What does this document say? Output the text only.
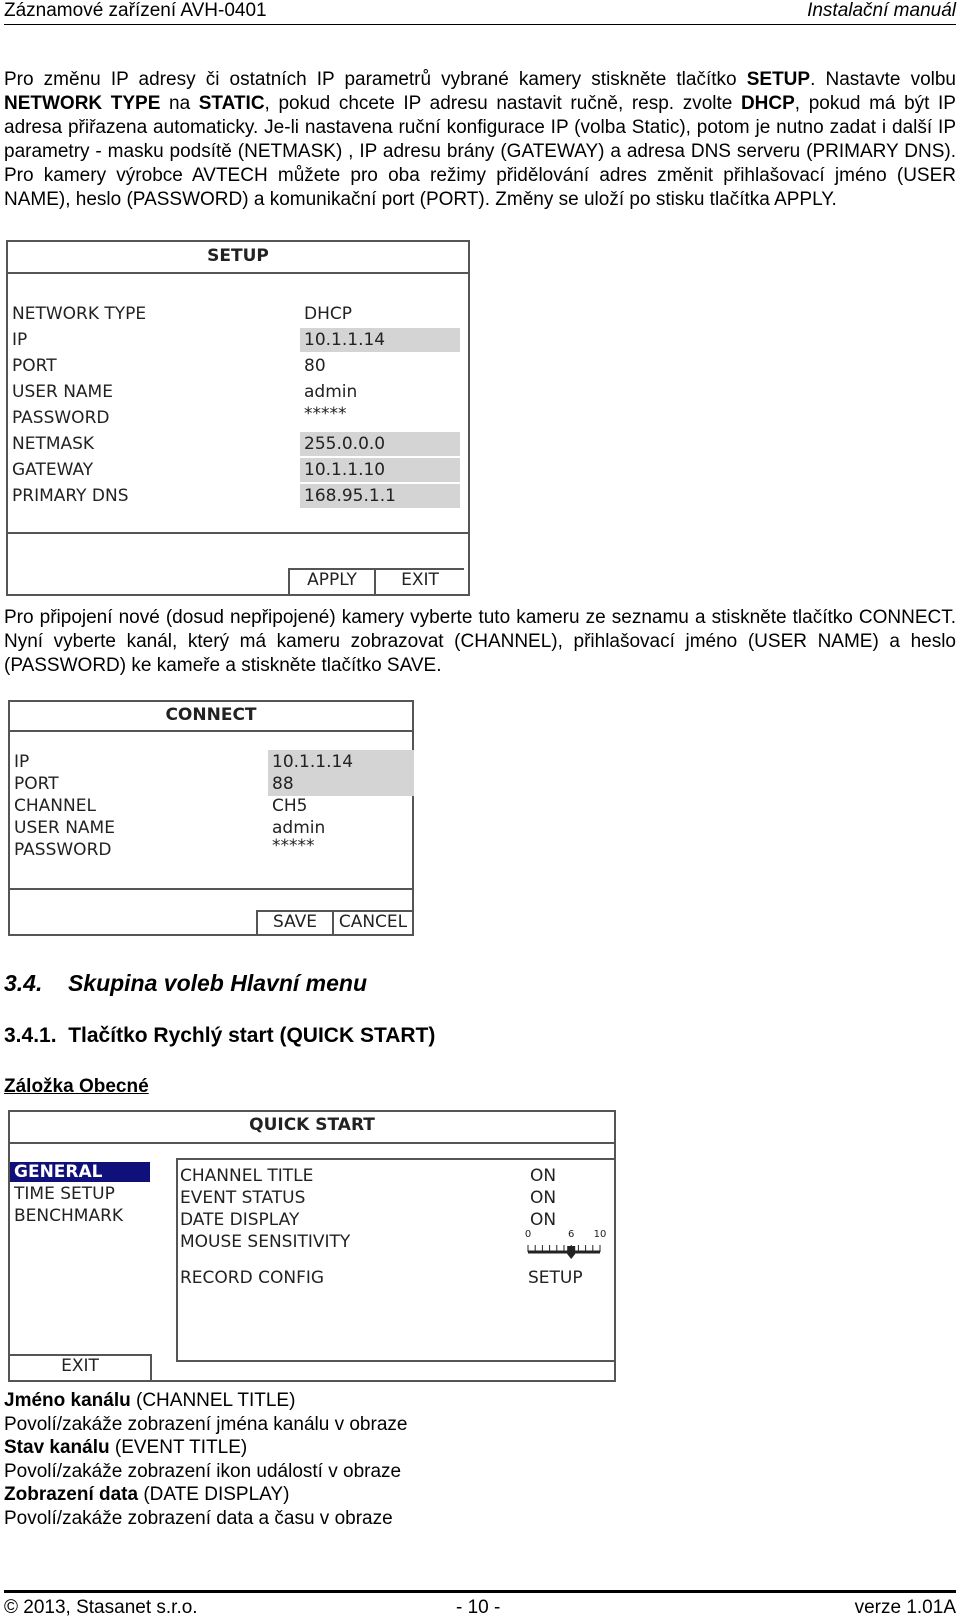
Záznamové zařízení AVH-0401	Instalační manuál
Pro změnu IP adresy či ostatních IP parametrů vybrané kamery stiskněte tlačítko SETUP. Nastavte volbu NETWORK TYPE na STATIC, pokud chcete IP adresu nastavit ručně, resp. zvolte DHCP, pokud má být IP adresa přiřazena automaticky. Je-li nastavena ruční konfigurace IP (volba Static), potom je nutno zadat i další IP parametry - masku podsítě (NETMASK) , IP adresu brány (GATEWAY) a adresa DNS serveru (PRIMARY DNS). Pro kamery výrobce AVTECH můžete pro oba režimy přidělování adres změnit přihlašovací jméno (USER NAME), heslo (PASSWORD) a komunikační port (PORT). Změny se uloží po stisku tlačítka APPLY.
SETUP
NETWORK TYPE	DHCP
IP	10.1.1.14
PORT	80
USER NAME	admin
PASSWORD	*****
NETMASK	255.0.0.0
GATEWAY	10.1.1.10
PRIMARY DNS	168.95.1.1
APPLY	EXIT
Pro připojení nové (dosud nepřipojené) kamery vyberte tuto kameru ze seznamu a stiskněte tlačítko CONNECT. Nyní vyberte kanál, který má kameru zobrazovat (CHANNEL), přihlašovací jméno (USER NAME) a heslo (PASSWORD) ke kameře a stiskněte tlačítko SAVE.
CONNECT
IP	10.1.1.14
PORT	88
CHANNEL	CH5
USER NAME	admin
PASSWORD	*****
SAVE	CANCEL
3.4. Skupina voleb Hlavní menu
3.4.1. Tlačítko Rychlý start (QUICK START)
Záložka Obecné
QUICK START
GENERAL
TIME SETUP
BENCHMARK
CHANNEL TITLE	ON
EVENT STATUS	ON
DATE DISPLAY	ON
MOUSE SENSITIVITY
RECORD CONFIG	SETUP
0	6 10
EXIT
Jméno kanálu (CHANNEL TITLE)
Povolí/zakáže zobrazení jména kanálu v obraze
Stav kanálu (EVENT TITLE)
Povolí/zakáže zobrazení ikon událostí v obraze
Zobrazení data (DATE DISPLAY)
Povolí/zakáže zobrazení data a času v obraze
© 2013, Stasanet s.r.o.	- 10 -	verze 1.01A
